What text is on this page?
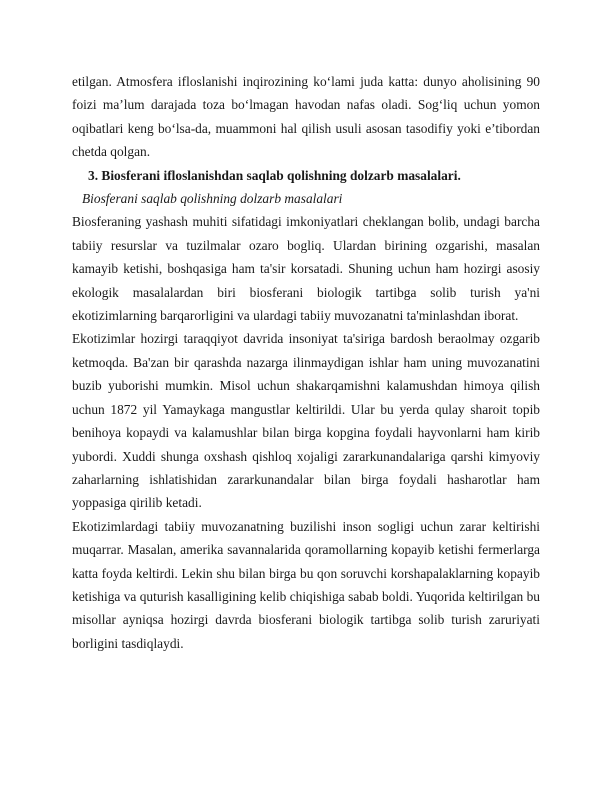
etilgan. Atmosfera ifloslanishi inqirozining ko‘lami juda katta: dunyo aholisining 90 foizi ma’lum darajada toza bo‘lmagan havodan nafas oladi. Sog‘liq uchun yomon oqibatlari keng bo‘lsa-da, muammoni hal qilish usuli asosan tasodifiy yoki e’tibordan chetda qolgan.

3. Biosferani ifloslanishdan saqlab qolishning dolzarb masalalari.

Biosferani saqlab qolishning dolzarb masalalari

Biosferaning yashash muhiti sifatidagi imkoniyatlari cheklangan bolib, undagi barcha tabiiy resurslar va tuzilmalar ozaro bogliq. Ulardan birining ozgarishi, masalan kamayib ketishi, boshqasiga ham ta'sir korsatadi. Shuning uchun ham hozirgi asosiy ekologik masalalardan biri biosferani biologik tartibga solib turish ya'ni ekotizimlarning barqarorligini va ulardagi tabiiy muvozanatni ta'minlashdan iborat.

Ekotizimlar hozirgi taraqqiyot davrida insoniyat ta'siriga bardosh beraolmay ozgarib ketmoqda. Ba'zan bir qarashda nazarga ilinmaydigan ishlar ham uning muvozanatini buzib yuborishi mumkin. Misol uchun shakarqamishni kalamushdan himoya qilish uchun 1872 yil Yamaykaga mangustlar keltirildi. Ular bu yerda qulay sharoit topib benihoya kopaydi va kalamushlar bilan birga kopgina foydali hayvonlarni ham kirib yubordi. Xuddi shunga oxshash qishloq xojaligi zararkunandalariga qarshi kimyoviy zaharlarning ishlatishidan zararkunandalar bilan birga foydali hasharotlar ham yoppasiga qirilib ketadi.

Ekotizimlardagi tabiiy muvozanatning buzilishi inson sogligi uchun zarar keltirishi muqarrar. Masalan, amerika savannalarida qoramollarning kopayib ketishi fermerlarga katta foyda keltirdi. Lekin shu bilan birga bu qon soruvchi korshapalaklarning kopayib ketishiga va quturish kasalligining kelib chiqishiga sabab boldi. Yuqorida keltirilgan bu misollar ayniqsa hozirgi davrda biosferani biologik tartibga solib turish zaruriyati borligini tasdiqlaydi.
